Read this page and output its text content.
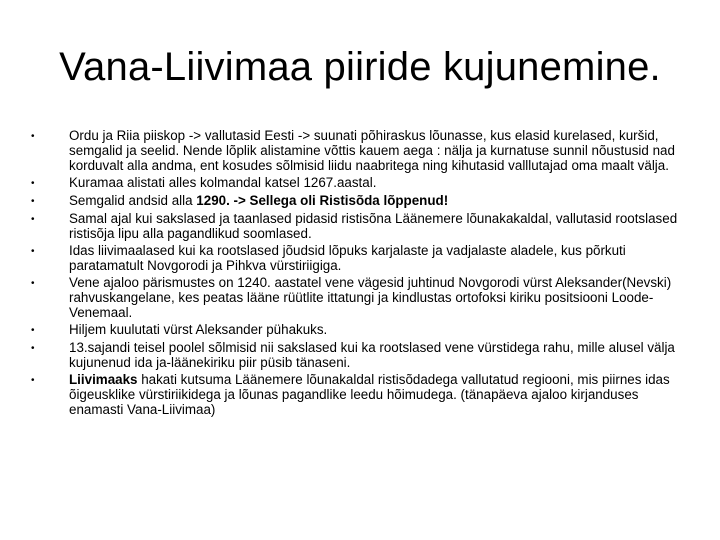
Vana-Liivimaa piiride kujunemine.
•	Ordu ja Riia piiskop -> vallutasid Eesti -> suunati põhiraskus lõunasse, kus elasid kurelased, kuršid, semgalid ja seelid. Nende lõplik alistamine võttis kauem aega : nälja ja kurnatuse sunnil nõustusid nad korduvalt alla andma, ent kosudes sõlmisid liidu naabritega ning kihutasid valllutajad oma maalt välja.
•	Kuramaa alistati alles kolmandal katsel 1267.aastal.
•	Semgalid andsid alla 1290. -> Sellega oli Ristisõda lõppenud!
•	Samal ajal kui sakslased ja taanlased pidasid ristisõna Läänemere lõunakakaldal, vallutasid rootslased ristisõja lipu alla pagandlikud soomlased.
•	Idas liivimaalased kui ka rootslased jõudsid lõpuks karjalaste ja vadjalaste aladele, kus põrkuti paratamatult Novgorodi ja Pihkva vürstiriigiga.
•	Vene ajaloo pärismustes on 1240. aastatel vene vägesid juhtinud Novgorodi vürst Aleksander(Nevski) rahvuskangelane, kes peatas lääne rüütlite ittatungi ja kindlustas ortofoksi kiriku positsiooni Loode-Venemaal.
•	Hiljem kuulutati vürst Aleksander pühakuks.
•	13.sajandi teisel poolel sõlmisid nii sakslased kui ka rootslased vene vürstidega rahu, mille alusel välja kujunenud ida ja-läänekiriku piir püsib tänaseni.
•	Liivimaaks hakati kutsuma Läänemere lõunakaldal ristisõdadega vallutatud regiooni, mis piirnes idas õigeusklike vürstiriikidega ja lõunas pagandlike leedu hõimudega. (tänapäeva ajaloo kirjanduses enamasti Vana-Liivimaa)
